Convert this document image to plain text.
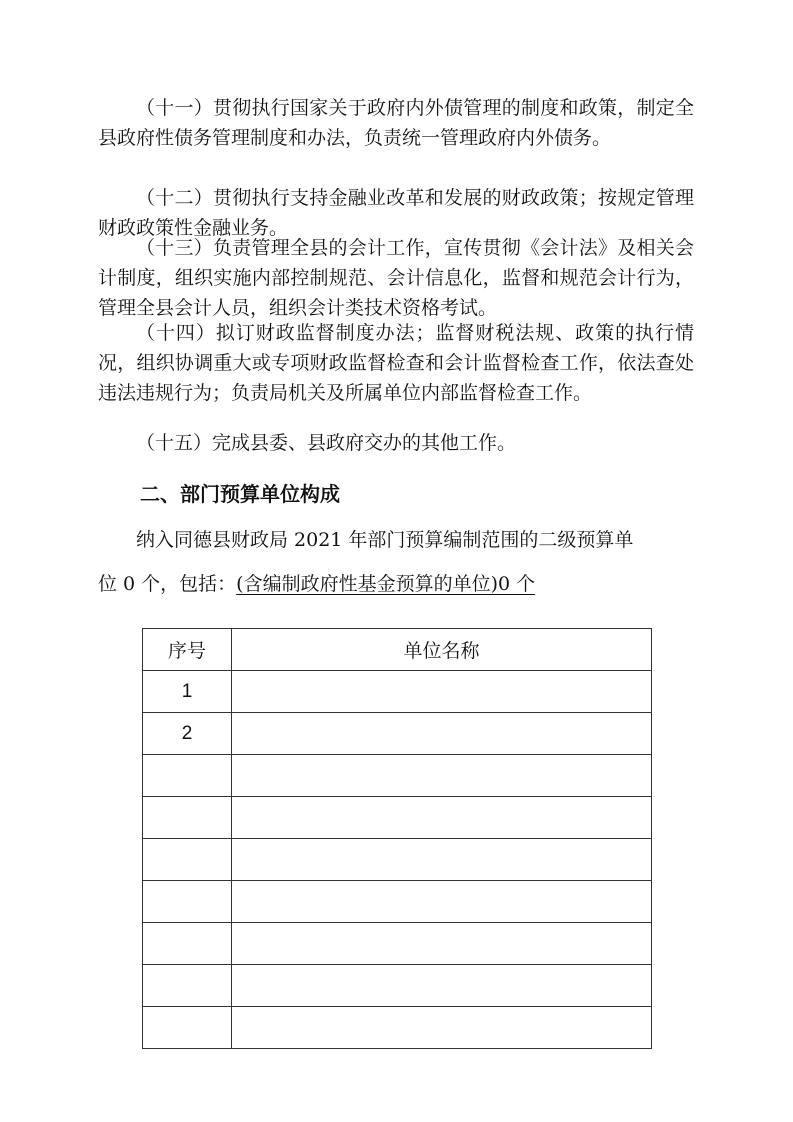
（十一）贯彻执行国家关于政府内外债管理的制度和政策，制定全县政府性债务管理制度和办法，负责统一管理政府内外债务。

（十二）贯彻执行支持金融业改革和发展的财政政策；按规定管理财政政策性金融业务。

（十三）负责管理全县的会计工作，宣传贯彻《会计法》及相关会计制度，组织实施内部控制规范、会计信息化，监督和规范会计行为，管理全县会计人员，组织会计类技术资格考试。

（十四）拟订财政监督制度办法；监督财税法规、政策的执行情况，组织协调重大或专项财政监督检查和会计监督检查工作，依法查处违法违规行为；负责局机关及所属单位内部监督检查工作。

（十五）完成县委、县政府交办的其他工作。

二、部门预算单位构成
纳入同德县财政局 2021 年部门预算编制范围的二级预算单
位 0 个，包括：(含编制政府性基金预算的单位)0 个
序号	单位名称
1	
2	
